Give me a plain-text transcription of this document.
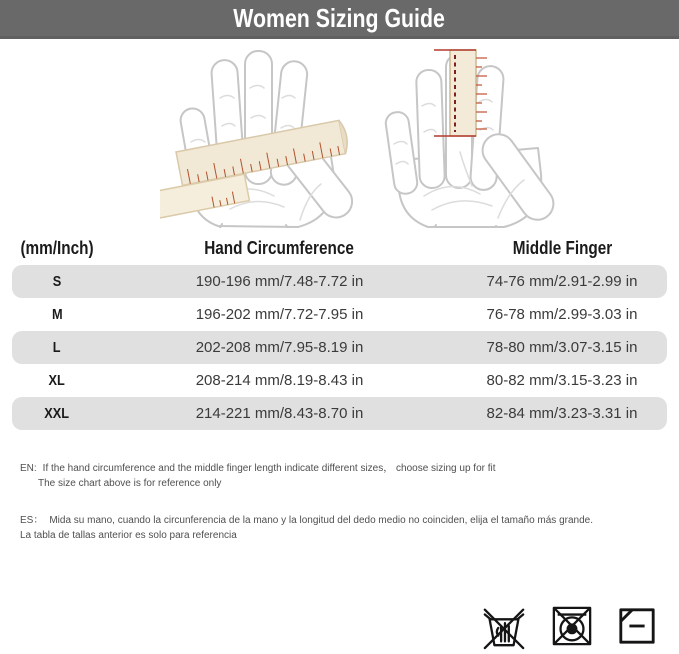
Women Sizing Guide
(mm/Inch)	Hand Circumference	Middle Finger
S	190-196 mm/7.48-7.72 in	74-76 mm/2.91-2.99 in
M	196-202 mm/7.72-7.95 in	76-78 mm/2.99-3.03 in
L	202-208 mm/7.95-8.19 in	78-80 mm/3.07-3.15 in
XL	208-214 mm/8.19-8.43 in	80-82 mm/3.15-3.23 in
XXL	214-221 mm/8.43-8.70 in	82-84 mm/3.23-3.31 in
EN: If the hand circumference and the middle finger length indicate different sizes， choose sizing up for fit
The size chart above is for reference only
ES： Mida su mano, cuando la circunferencia de la mano y la longitud del dedo medio no coinciden, elija el tamaño más grande.
La tabla de tallas anterior es solo para referencia
